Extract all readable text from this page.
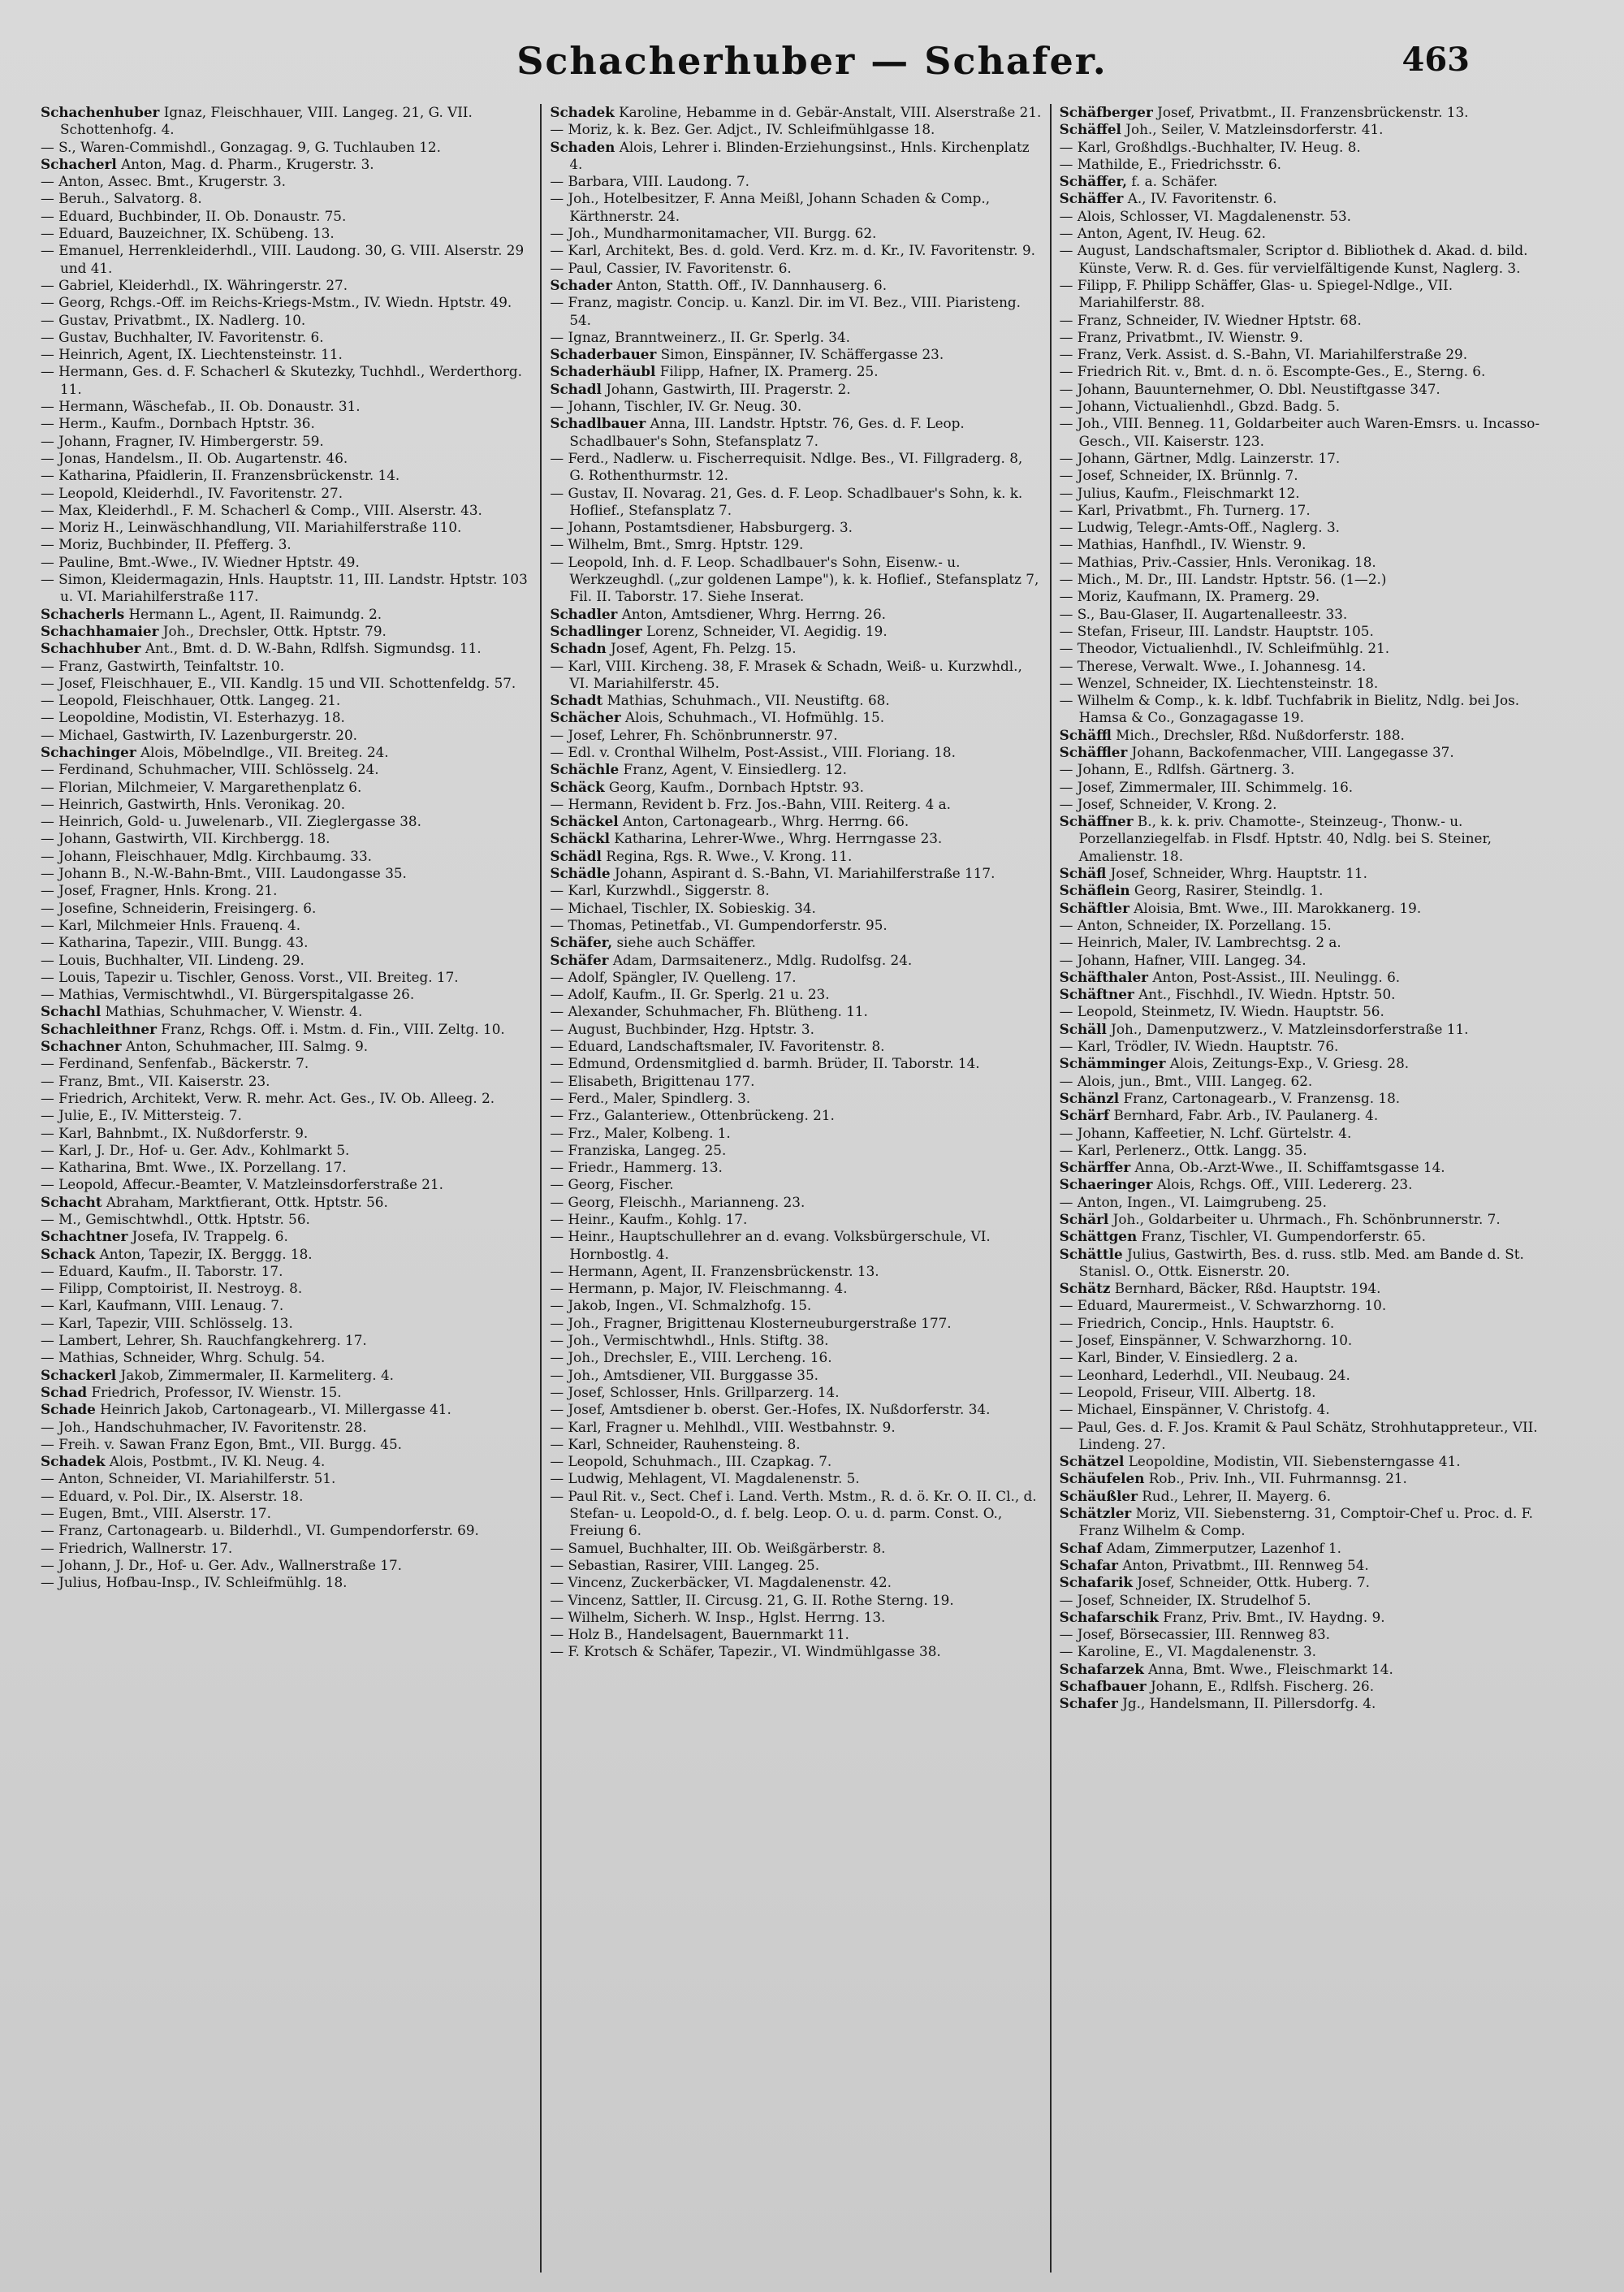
Schacherhuber — Schafer.	463

Schachenhuber Ignaz, Fleischhauer, VIII. Langeg. 21, G. VII. Schottenhofg. 4.

— S., Waren-Commishdl., Gonzagag. 9, G. Tuchlauben 12.

Schacherl Anton, Mag. d. Pharm., Krugerstr. 3.

— Anton, Assec. Bmt., Krugerstr. 3.

— Beruh., Salvatorg. 8.

— Eduard, Buchbinder, II. Ob. Donaustr. 75.

— Eduard, Bauzeichner, IX. Schübeng. 13.

— Emanuel, Herrenkleiderhdl., VIII. Laudong. 30, G. VIII. Alserstr. 29 und 41.

— Gabriel, Kleiderhdl., IX. Währingerstr. 27.

— Georg, Rchgs.-Off. im Reichs-Kriegs-Mstm., IV. Wiedn. Hptstr. 49.

— Gustav, Privatbmt., IX. Nadlerg. 10.

— Gustav, Buchhalter, IV. Favoritenstr. 6.

— Heinrich, Agent, IX. Liechtensteinstr. 11.

— Hermann, Ges. d. F. Schacherl & Skutezky, Tuchhdl., Werderthorg. 11.

— Hermann, Wäschefab., II. Ob. Donaustr. 31.

— Herm., Kaufm., Dornbach Hptstr. 36.

— Johann, Fragner, IV. Himbergerstr. 59.

— Jonas, Handelsm., II. Ob. Augartenstr. 46.

— Katharina, Pfaidlerin, II. Franzensbrückenstr. 14.

— Leopold, Kleiderhdl., IV. Favoritenstr. 27.

— Max, Kleiderhdl., F. M. Schacherl & Comp., VIII. Alserstr. 43.

— Moriz H., Leinwäschhandlung, VII. Mariahilferstraße 110.

— Moriz, Buchbinder, II. Pfefferg. 3.

— Pauline, Bmt.-Wwe., IV. Wiedner Hptstr. 49.

— Simon, Kleidermagazin, Hnls. Hauptstr. 11, III. Landstr. Hptstr. 103 u. VI. Mariahilferstraße 117.

Schacherls Hermann L., Agent, II. Raimundg. 2.

Schachhamaier Joh., Drechsler, Ottk. Hptstr. 79.

Schachhuber Ant., Bmt. d. D. W.-Bahn, Rdlfsh. Sigmundsg. 11.

— Franz, Gastwirth, Teinfaltstr. 10.

— Josef, Fleischhauer, E., VII. Kandlg. 15 und VII. Schottenfeldg. 57.

— Leopold, Fleischhauer, Ottk. Langeg. 21.

— Leopoldine, Modistin, VI. Esterhazyg. 18.

— Michael, Gastwirth, IV. Lazenburgerstr. 20.

Schachinger Alois, Möbelndlge., VII. Breiteg. 24.

— Ferdinand, Schuhmacher, VIII. Schlösselg. 24.

— Florian, Milchmeier, V. Margarethenplatz 6.

— Heinrich, Gastwirth, Hnls. Veronikag. 20.

— Heinrich, Gold- u. Juwelenarb., VII. Zieglergasse 38.

— Johann, Gastwirth, VII. Kirchbergg. 18.

— Johann, Fleischhauer, Mdlg. Kirchbaumg. 33.

— Johann B., N.-W.-Bahn-Bmt., VIII. Laudongasse 35.

— Josef, Fragner, Hnls. Krong. 21.

— Josefine, Schneiderin, Freisingerg. 6.

— Karl, Milchmeier Hnls. Frauenq. 4.

— Katharina, Tapezir., VIII. Bungg. 43.

— Louis, Buchhalter, VII. Lindeng. 29.

— Louis, Tapezir u. Tischler, Genoss. Vorst., VII. Breiteg. 17.

— Mathias, Vermischtwhdl., VI. Bürgerspitalgasse 26.

Schachl Mathias, Schuhmacher, V. Wienstr. 4.

Schachleithner Franz, Rchgs. Off. i. Mstm. d. Fin., VIII. Zeltg. 10.

Schachner Anton, Schuhmacher, III. Salmg. 9.

— Ferdinand, Senfenfab., Bäckerstr. 7.

— Franz, Bmt., VII. Kaiserstr. 23.

— Friedrich, Architekt, Verw. R. mehr. Act. Ges., IV. Ob. Alleeg. 2.

— Julie, E., IV. Mittersteig. 7.

— Karl, Bahnbmt., IX. Nußdorferstr. 9.

— Karl, J. Dr., Hof- u. Ger. Adv., Kohlmarkt 5.

— Katharina, Bmt. Wwe., IX. Porzellang. 17.

— Leopold, Affecur.-Beamter, V. Matzleinsdorferstraße 21.

Schacht Abraham, Marktfierant, Ottk. Hptstr. 56.

— M., Gemischtwhdl., Ottk. Hptstr. 56.

Schachtner Josefa, IV. Trappelg. 6.

Schack Anton, Tapezir, IX. Berggg. 18.

— Eduard, Kaufm., II. Taborstr. 17.

— Filipp, Comptoirist, II. Nestroyg. 8.

— Karl, Kaufmann, VIII. Lenaug. 7.

— Karl, Tapezir, VIII. Schlösselg. 13.

— Lambert, Lehrer, Sh. Rauchfangkehrerg. 17.

— Mathias, Schneider, Whrg. Schulg. 54.

Schackerl Jakob, Zimmermaler, II. Karmeliterg. 4.

Schad Friedrich, Professor, IV. Wienstr. 15.

Schade Heinrich Jakob, Cartonagearb., VI. Millergasse 41.

— Joh., Handschuhmacher, IV. Favoritenstr. 28.

— Freih. v. Sawan Franz Egon, Bmt., VII. Burgg. 45.

Schadek Alois, Postbmt., IV. Kl. Neug. 4.

— Anton, Schneider, VI. Mariahilferstr. 51.

— Eduard, v. Pol. Dir., IX. Alserstr. 18.

— Eugen, Bmt., VIII. Alserstr. 17.

— Franz, Cartonagearb. u. Bilderhdl., VI. Gumpendorferstr. 69.

— Friedrich, Wallnerstr. 17.

— Johann, J. Dr., Hof- u. Ger. Adv., Wallnerstraße 17.

— Julius, Hofbau-Insp., IV. Schleifmühlg. 18.

Schadek Karoline, Hebamme in d. Gebär-Anstalt, VIII. Alserstraße 21.

— Moriz, k. k. Bez. Ger. Adjct., IV. Schleifmühlgasse 18.

Schaden Alois, Lehrer i. Blinden-Erziehungsinst., Hnls. Kirchenplatz 4.

— Barbara, VIII. Laudong. 7.

— Joh., Hotelbesitzer, F. Anna Meißl, Johann Schaden & Comp., Kärthnerstr. 24.

— Joh., Mundharmonitamacher, VII. Burgg. 62.

— Karl, Architekt, Bes. d. gold. Verd. Krz. m. d. Kr., IV. Favoritenstr. 9.

— Paul, Cassier, IV. Favoritenstr. 6.

Schader Anton, Statth. Off., IV. Dannhauserg. 6.

— Franz, magistr. Concip. u. Kanzl. Dir. im VI. Bez., VIII. Piaristeng. 54.

— Ignaz, Branntweinerz., II. Gr. Sperlg. 34.

Schaderbauer Simon, Einspänner, IV. Schäffergasse 23.

Schaderhäubl Filipp, Hafner, IX. Pramerg. 25.

Schadl Johann, Gastwirth, III. Pragerstr. 2.

— Johann, Tischler, IV. Gr. Neug. 30.

Schadlbauer Anna, III. Landstr. Hptstr. 76, Ges. d. F. Leop. Schadlbauer's Sohn, Stefansplatz 7.

— Ferd., Nadlerw. u. Fischerrequisit. Ndlge. Bes., VI. Fillgraderg. 8, G. Rothenthurmstr. 12.

— Gustav, II. Novarag. 21, Ges. d. F. Leop. Schadlbauer's Sohn, k. k. Hoflief., Stefansplatz 7.

— Johann, Postamtsdiener, Habsburgerg. 3.

— Wilhelm, Bmt., Smrg. Hptstr. 129.

— Leopold, Inh. d. F. Leop. Schadlbauer's Sohn, Eisenw.- u. Werkzeughdl. („zur goldenen Lampe"), k. k. Hoflief., Stefansplatz 7, Fil. II. Taborstr. 17. Siehe Inserat.

Schadler Anton, Amtsdiener, Whrg. Herrng. 26.

Schadlinger Lorenz, Schneider, VI. Aegidig. 19.

Schadn Josef, Agent, Fh. Pelzg. 15.

— Karl, VIII. Kircheng. 38, F. Mrasek & Schadn, Weiß- u. Kurzwhdl., VI. Mariahilferstr. 45.

Schadt Mathias, Schuhmach., VII. Neustiftg. 68.

Schächer Alois, Schuhmach., VI. Hofmühlg. 15.

— Josef, Lehrer, Fh. Schönbrunnerstr. 97.

— Edl. v. Cronthal Wilhelm, Post-Assist., VIII. Floriang. 18.

Schächle Franz, Agent, V. Einsiedlerg. 12.

Schäck Georg, Kaufm., Dornbach Hptstr. 93.

— Hermann, Revident b. Frz. Jos.-Bahn, VIII. Reiterg. 4 a.

Schäckel Anton, Cartonagearb., Whrg. Herrng. 66.

Schäckl Katharina, Lehrer-Wwe., Whrg. Herrngasse 23.

Schädl Regina, Rgs. R. Wwe., V. Krong. 11.

Schädle Johann, Aspirant d. S.-Bahn, VI. Mariahilferstraße 117.

— Karl, Kurzwhdl., Siggerstr. 8.

— Michael, Tischler, IX. Sobieskig. 34.

— Thomas, Petinetfab., VI. Gumpendorferstr. 95.

Schäfer, siehe auch Schäffer.

Schäfer Adam, Darmsaitenerz., Mdlg. Rudolfsg. 24.

— Adolf, Spängler, IV. Quelleng. 17.

— Adolf, Kaufm., II. Gr. Sperlg. 21 u. 23.

— Alexander, Schuhmacher, Fh. Blütheng. 11.

— August, Buchbinder, Hzg. Hptstr. 3.

— Eduard, Landschaftsmaler, IV. Favoritenstr. 8.

— Edmund, Ordensmitglied d. barmh. Brüder, II. Taborstr. 14.

— Elisabeth, Brigittenau 177.

— Ferd., Maler, Spindlerg. 3.

— Frz., Galanteriew., Ottenbrückeng. 21.

— Frz., Maler, Kolbeng. 1.

— Franziska, Langeg. 25.

— Friedr., Hammerg. 13.

— Georg, Fischer.

— Georg, Fleischh., Marianneng. 23.

— Heinr., Kaufm., Kohlg. 17.

— Heinr., Hauptschullehrer an d. evang. Volksbürgerschule, VI. Hornbostlg. 4.

— Hermann, Agent, II. Franzensbrückenstr. 13.

— Hermann, p. Major, IV. Fleischmanng. 4.

— Jakob, Ingen., VI. Schmalzhofg. 15.

— Joh., Fragner, Brigittenau Klosterneuburgerstraße 177.

— Joh., Vermischtwhdl., Hnls. Stiftg. 38.

— Joh., Drechsler, E., VIII. Lercheng. 16.

— Joh., Amtsdiener, VII. Burggasse 35.

— Josef, Schlosser, Hnls. Grillparzerg. 14.

— Josef, Amtsdiener b. oberst. Ger.-Hofes, IX. Nußdorferstr. 34.

— Karl, Fragner u. Mehlhdl., VIII. Westbahnstr. 9.

— Karl, Schneider, Rauhensteing. 8.

— Leopold, Schuhmach., III. Czapkag. 7.

— Ludwig, Mehlagent, VI. Magdalenenstr. 5.

— Paul Rit. v., Sect. Chef i. Land. Verth. Mstm., R. d. ö. Kr. O. II. Cl., d. Stefan- u. Leopold-O., d. f. belg. Leop. O. u. d. parm. Const. O., Freiung 6.

— Samuel, Buchhalter, III. Ob. Weißgärberstr. 8.

— Sebastian, Rasirer, VIII. Langeg. 25.

— Vincenz, Zuckerbäcker, VI. Magdalenenstr. 42.

— Vincenz, Sattler, II. Circusg. 21, G. II. Rothe Sterng. 19.

— Wilhelm, Sicherh. W. Insp., Hglst. Herrng. 13.

— Holz B., Handelsagent, Bauernmarkt 11.

— F. Krotsch & Schäfer, Tapezir., VI. Windmühlgasse 38.

Schäfberger Josef, Privatbmt., II. Franzensbrückenstr. 13.

Schäffel Joh., Seiler, V. Matzleinsdorferstr. 41.

— Karl, Großhdlgs.-Buchhalter, IV. Heug. 8.

— Mathilde, E., Friedrichsstr. 6.

Schäffer, f. a. Schäfer.

Schäffer A., IV. Favoritenstr. 6.

— Alois, Schlosser, VI. Magdalenenstr. 53.

— Anton, Agent, IV. Heug. 62.

— August, Landschaftsmaler, Scriptor d. Bibliothek d. Akad. d. bild. Künste, Verw. R. d. Ges. für vervielfältigende Kunst, Naglerg. 3.

— Filipp, F. Philipp Schäffer, Glas- u. Spiegel-Ndlge., VII. Mariahilferstr. 88.

— Franz, Schneider, IV. Wiedner Hptstr. 68.

— Franz, Privatbmt., IV. Wienstr. 9.

— Franz, Verk. Assist. d. S.-Bahn, VI. Mariahilferstraße 29.

— Friedrich Rit. v., Bmt. d. n. ö. Escompte-Ges., E., Sterng. 6.

— Johann, Bauunternehmer, O. Dbl. Neustiftgasse 347.

— Johann, Victualienhdl., Gbzd. Badg. 5.

— Joh., VIII. Benneg. 11, Goldarbeiter auch Waren-Emsrs. u. Incasso-Gesch., VII. Kaiserstr. 123.

— Johann, Gärtner, Mdlg. Lainzerstr. 17.

— Josef, Schneider, IX. Brünnlg. 7.

— Julius, Kaufm., Fleischmarkt 12.

— Karl, Privatbmt., Fh. Turnerg. 17.

— Ludwig, Telegr.-Amts-Off., Naglerg. 3.

— Mathias, Hanfhdl., IV. Wienstr. 9.

— Mathias, Priv.-Cassier, Hnls. Veronikag. 18.

— Mich., M. Dr., III. Landstr. Hptstr. 56. (1—2.)

— Moriz, Kaufmann, IX. Pramerg. 29.

— S., Bau-Glaser, II. Augartenalleestr. 33.

— Stefan, Friseur, III. Landstr. Hauptstr. 105.

— Theodor, Victualienhdl., IV. Schleifmühlg. 21.

— Therese, Verwalt. Wwe., I. Johannesg. 14.

— Wenzel, Schneider, IX. Liechtensteinstr. 18.

— Wilhelm & Comp., k. k. ldbf. Tuchfabrik in Bielitz, Ndlg. bei Jos. Hamsa & Co., Gonzagagasse 19.

Schäffl Mich., Drechsler, Rßd. Nußdorferstr. 188.

Schäffler Johann, Backofenmacher, VIII. Langegasse 37.

— Johann, E., Rdlfsh. Gärtnerg. 3.

— Josef, Zimmermaler, III. Schimmelg. 16.

— Josef, Schneider, V. Krong. 2.

Schäffner B., k. k. priv. Chamotte-, Steinzeug-, Thonw.- u. Porzellanziegelfab. in Flsdf. Hptstr. 40, Ndlg. bei S. Steiner, Amalienstr. 18.

Schäfl Josef, Schneider, Whrg. Hauptstr. 11.

Schäflein Georg, Rasirer, Steindlg. 1.

Schäftler Aloisia, Bmt. Wwe., III. Marokkanerg. 19.

— Anton, Schneider, IX. Porzellang. 15.

— Heinrich, Maler, IV. Lambrechtsg. 2 a.

— Johann, Hafner, VIII. Langeg. 34.

Schäfthaler Anton, Post-Assist., III. Neulingg. 6.

Schäftner Ant., Fischhdl., IV. Wiedn. Hptstr. 50.

— Leopold, Steinmetz, IV. Wiedn. Hauptstr. 56.

Schäll Joh., Damenputzwerz., V. Matzleinsdorferstraße 11.

— Karl, Trödler, IV. Wiedn. Hauptstr. 76.

Schämminger Alois, Zeitungs-Exp., V. Griesg. 28.

— Alois, jun., Bmt., VIII. Langeg. 62.

Schänzl Franz, Cartonagearb., V. Franzensg. 18.

Schärf Bernhard, Fabr. Arb., IV. Paulanerg. 4.

— Johann, Kaffeetier, N. Lchf. Gürtelstr. 4.

— Karl, Perlenerz., Ottk. Langg. 35.

Schärffer Anna, Ob.-Arzt-Wwe., II. Schiffamtsgasse 14.

Schaeringer Alois, Rchgs. Off., VIII. Ledererg. 23.

— Anton, Ingen., VI. Laimgrubeng. 25.

Schärl Joh., Goldarbeiter u. Uhrmach., Fh. Schönbrunnerstr. 7.

Schättgen Franz, Tischler, VI. Gumpendorferstr. 65.

Schättle Julius, Gastwirth, Bes. d. russ. stlb. Med. am Bande d. St. Stanisl. O., Ottk. Eisnerstr. 20.

Schätz Bernhard, Bäcker, Rßd. Hauptstr. 194.

— Eduard, Maurermeist., V. Schwarzhorng. 10.

— Friedrich, Concip., Hnls. Hauptstr. 6.

— Josef, Einspänner, V. Schwarzhorng. 10.

— Karl, Binder, V. Einsiedlerg. 2 a.

— Leonhard, Lederhdl., VII. Neubaug. 24.

— Leopold, Friseur, VIII. Albertg. 18.

— Michael, Einspänner, V. Christofg. 4.

— Paul, Ges. d. F. Jos. Kramit & Paul Schätz, Strohhutappreteur., VII. Lindeng. 27.

Schätzel Leopoldine, Modistin, VII. Siebensterngasse 41.

Schäufelen Rob., Priv. Inh., VII. Fuhrmannsg. 21.

Schäußler Rud., Lehrer, II. Mayerg. 6.

Schätzler Moriz, VII. Siebensterng. 31, Comptoir-Chef u. Proc. d. F. Franz Wilhelm & Comp.

Schaf Adam, Zimmerputzer, Lazenhof 1.

Schafar Anton, Privatbmt., III. Rennweg 54.

Schafarik Josef, Schneider, Ottk. Huberg. 7.

— Josef, Schneider, IX. Strudelhof 5.

Schafarschik Franz, Priv. Bmt., IV. Haydng. 9.

— Josef, Börsecassier, III. Rennweg 83.

— Karoline, E., VI. Magdalenenstr. 3.

Schafarzek Anna, Bmt. Wwe., Fleischmarkt 14.

Schafbauer Johann, E., Rdlfsh. Fischerg. 26.

Schafer Jg., Handelsmann, II. Pillersdorfg. 4.
